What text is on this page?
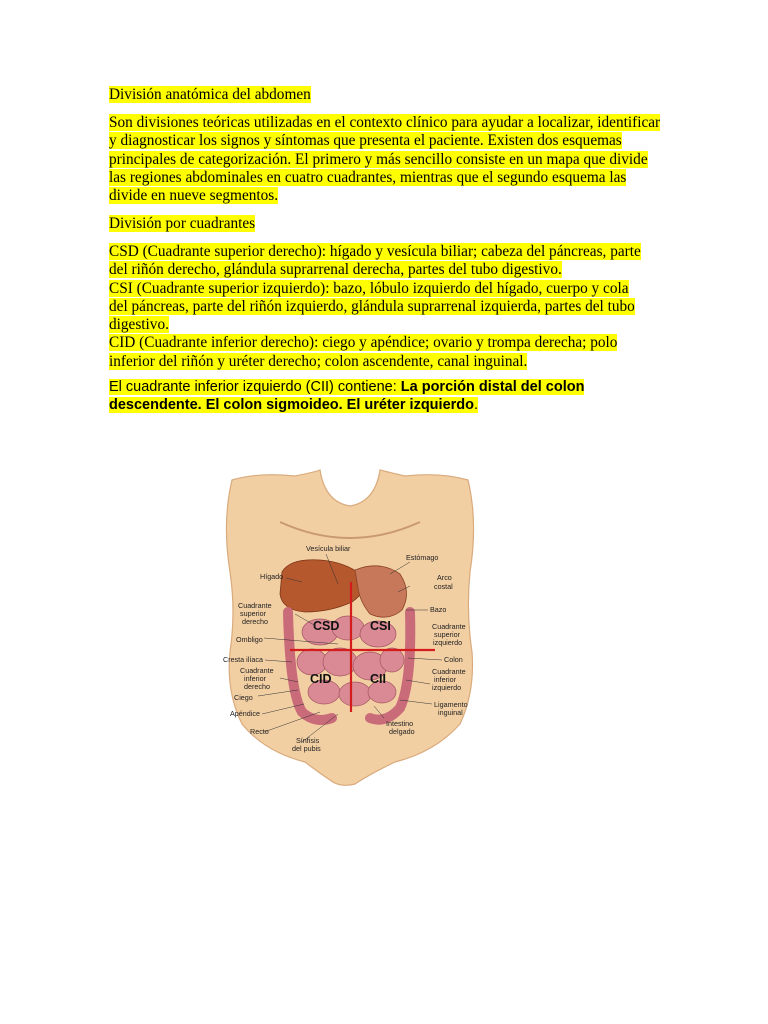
División anatómica del abdomen
Son divisiones teóricas utilizadas en el contexto clínico para ayudar a localizar, identificar
y diagnosticar los signos y síntomas que presenta el paciente. Existen dos esquemas
principales de categorización. El primero y más sencillo consiste en un mapa que divide
las regiones abdominales en cuatro cuadrantes, mientras que el segundo esquema las
divide en nueve segmentos.
División por cuadrantes
CSD (Cuadrante superior derecho): hígado y vesícula biliar; cabeza del páncreas, parte
del riñón derecho, glándula suprarrenal derecha, partes del tubo digestivo.
CSI (Cuadrante superior izquierdo): bazo, lóbulo izquierdo del hígado, cuerpo y cola
del páncreas, parte del riñón izquierdo, glándula suprarrenal izquierda, partes del tubo
digestivo.
CID (Cuadrante inferior derecho): ciego y apéndice; ovario y trompa derecha; polo
inferior del riñón y uréter derecho; colon ascendente, canal inguinal.
El cuadrante inferior izquierdo (CII) contiene: La porción distal del colon
descendente. El colon sigmoideo. El uréter izquierdo.
CSD CSI
CID	CII
Vesícula biliar
Estómago
Hígado	Arco
costal
Cuadrante
superior
derecho
Bazo
Cuadrante
superior
izquierdo
Ombligo
Cresta ilíaca	Colon
Cuadrante
inferior
derecho
Cuadrante
inferior
izquierdo
Ciego
Ligamento
inguinal
Apéndice
Intestino
delgado
Recto
Sínfisis
del pubis
